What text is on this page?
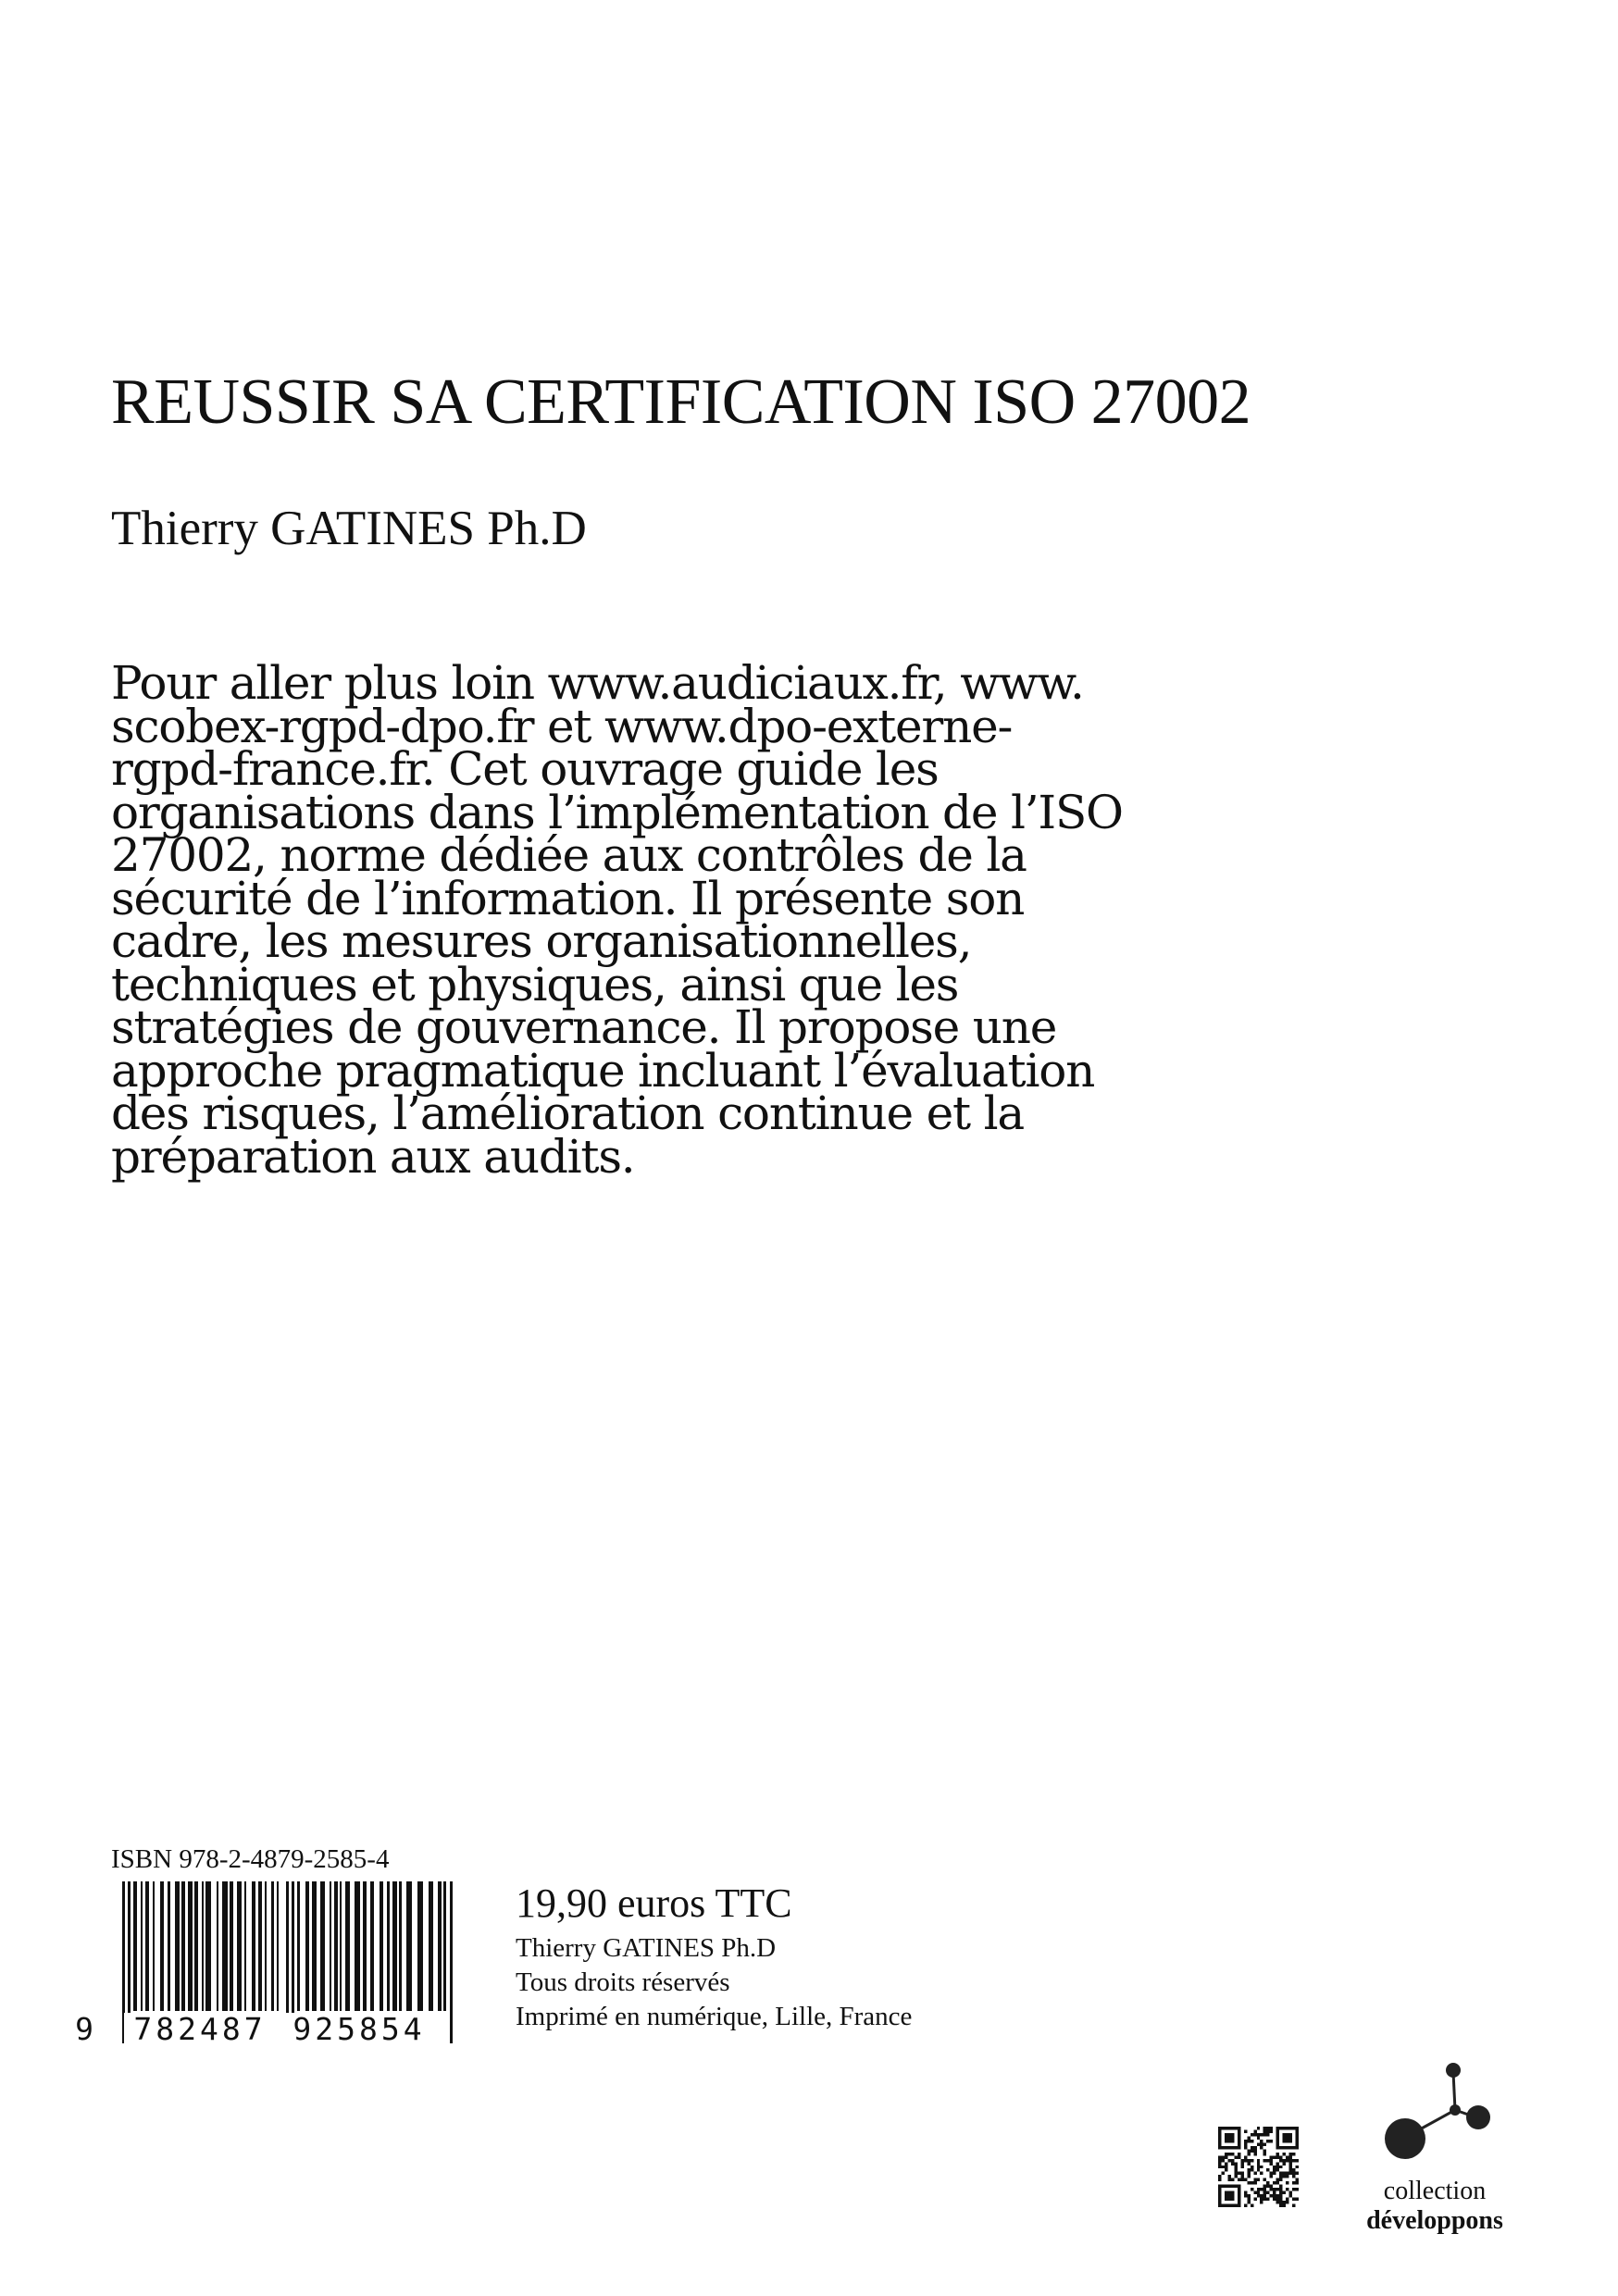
REUSSIR SA CERTIFICATION ISO 27002

Thierry GATINES Ph.D

Pour aller plus loin www.audiciaux.fr, www.
scobex-rgpd-dpo.fr et www.dpo-externe-
rgpd-france.fr. Cet ouvrage guide les
organisations dans l’implémentation de l’ISO
27002, norme dédiée aux contrôles de la
sécurité de l’information. Il présente son
cadre, les mesures organisationnelles,
techniques et physiques, ainsi que les
stratégies de gouvernance. Il propose une
approche pragmatique incluant l’évaluation
des risques, l’amélioration continue et la
préparation aux audits.
ISBN 978-2-4879-2585-4
9	782487 925854
19,90 euros TTC
Thierry GATINES Ph.D
Tous droits réservés
Imprimé en numérique, Lille, France
collection
développons
